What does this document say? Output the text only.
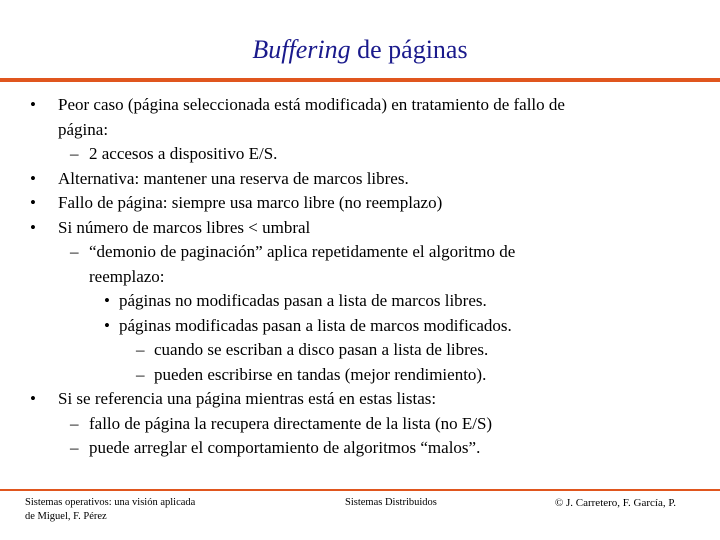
Buffering de páginas
• Peor caso (página seleccionada está modificada) en tratamiento de fallo de
página:
– 2 accesos a dispositivo E/S.
• Alternativa: mantener una reserva de marcos libres.
• Fallo de página: siempre usa marco libre (no reemplazo)
• Si número de marcos libres < umbral
– “demonio de paginación” aplica repetidamente el algoritmo de
reemplazo:
• páginas no modificadas pasan a lista de marcos libres.
• páginas modificadas pasan a lista de marcos modificados.
– cuando se escriban a disco pasan a lista de libres.
– pueden escribirse en tandas (mejor rendimiento).
• Si se referencia una página mientras está en estas listas:
– fallo de página la recupera directamente de la lista (no E/S)
– puede arreglar el comportamiento de algoritmos “malos”.
Sistemas operativos: una visión aplicada
de Miguel, F. Pérez
Sistemas Distribuidos	© J. Carretero, F. García, P.
